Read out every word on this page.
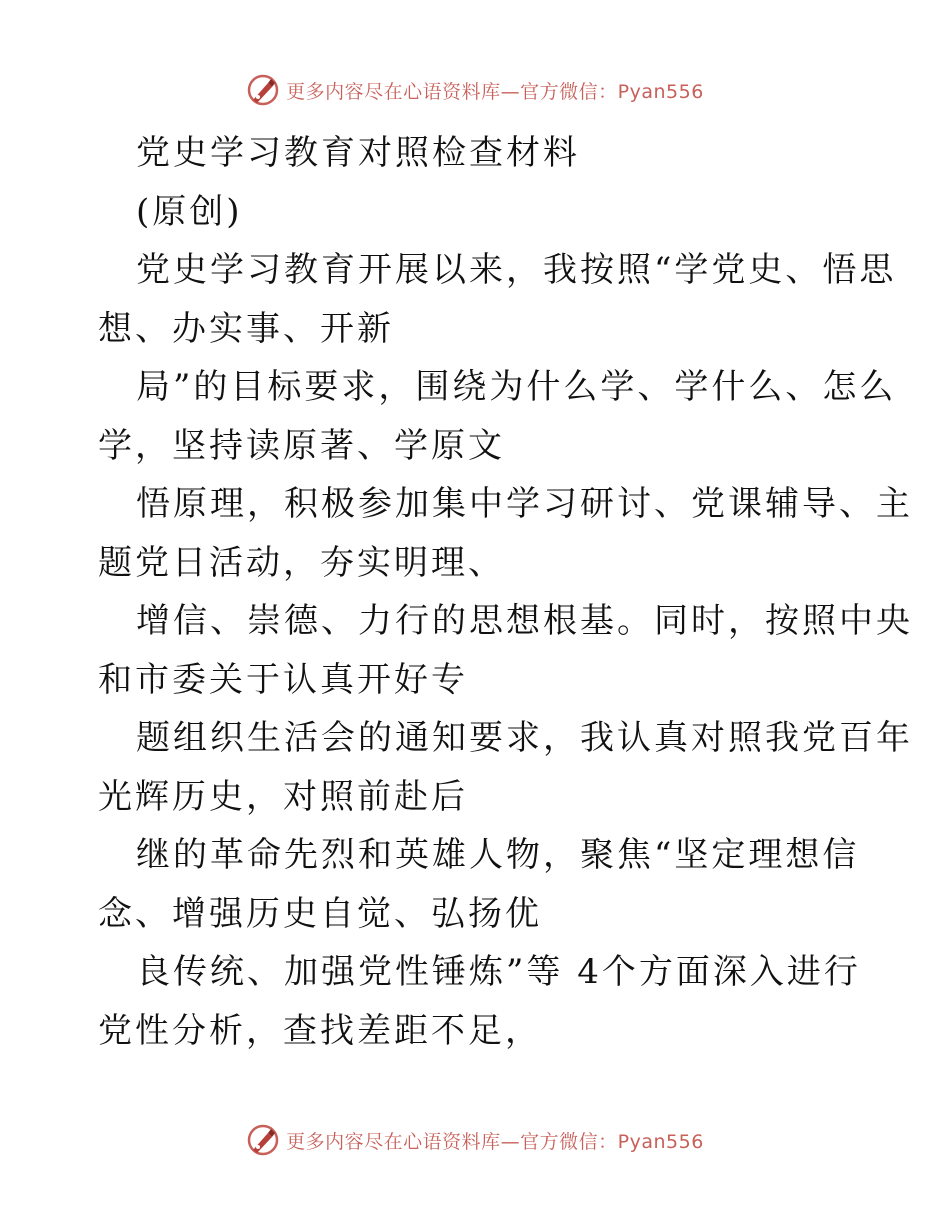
更多内容尽在心语资料库—官方微信：Pyan556
党史学习教育对照检查材料
(原创)
党史学习教育开展以来，我按照“学党史、悟思
想、办实事、开新
局”的目标要求，围绕为什么学、学什么、怎么
学，坚持读原著、学原文
悟原理，积极参加集中学习研讨、党课辅导、主
题党日活动，夯实明理、
增信、崇德、力行的思想根基。同时，按照中央
和市委关于认真开好专
题组织生活会的通知要求，我认真对照我党百年
光辉历史，对照前赴后
继的革命先烈和英雄人物，聚焦“坚定理想信
念、增强历史自觉、弘扬优
良传统、加强党性锤炼”等 4个方面深入进行
党性分析，查找差距不足，
更多内容尽在心语资料库—官方微信：Pyan556
